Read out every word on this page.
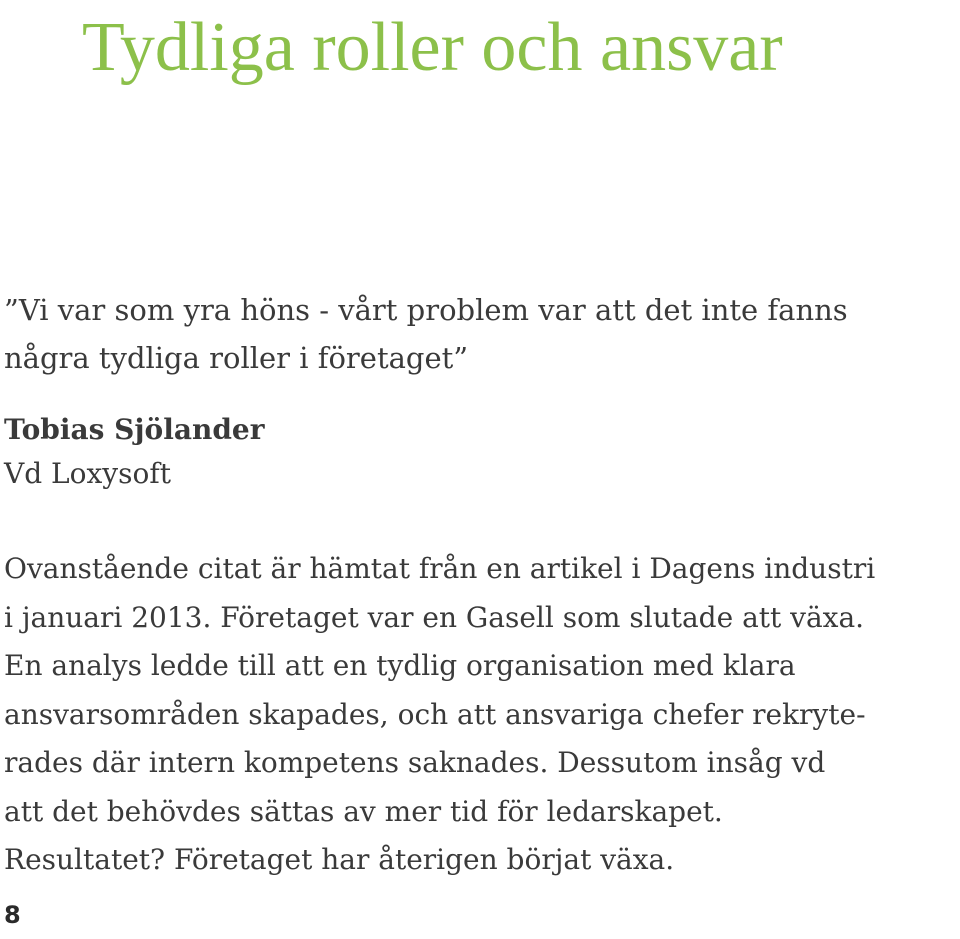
Tydliga roller och ansvar
”Vi var som yra höns - vårt problem var att det inte fanns
några tydliga roller i företaget”

Tobias Sjölander

Vd Loxysoft

Ovanstående citat är hämtat från en artikel i Dagens industri
i januari 2013. Företaget var en Gasell som slutade att växa.
En analys ledde till att en tydlig organisation med klara
ansvarsområden skapades, och att ansvariga chefer rekryte-
rades där intern kompetens saknades. Dessutom insåg vd
att det behövdes sättas av mer tid för ledarskapet.
Resultatet? Företaget har återigen börjat växa.

8
